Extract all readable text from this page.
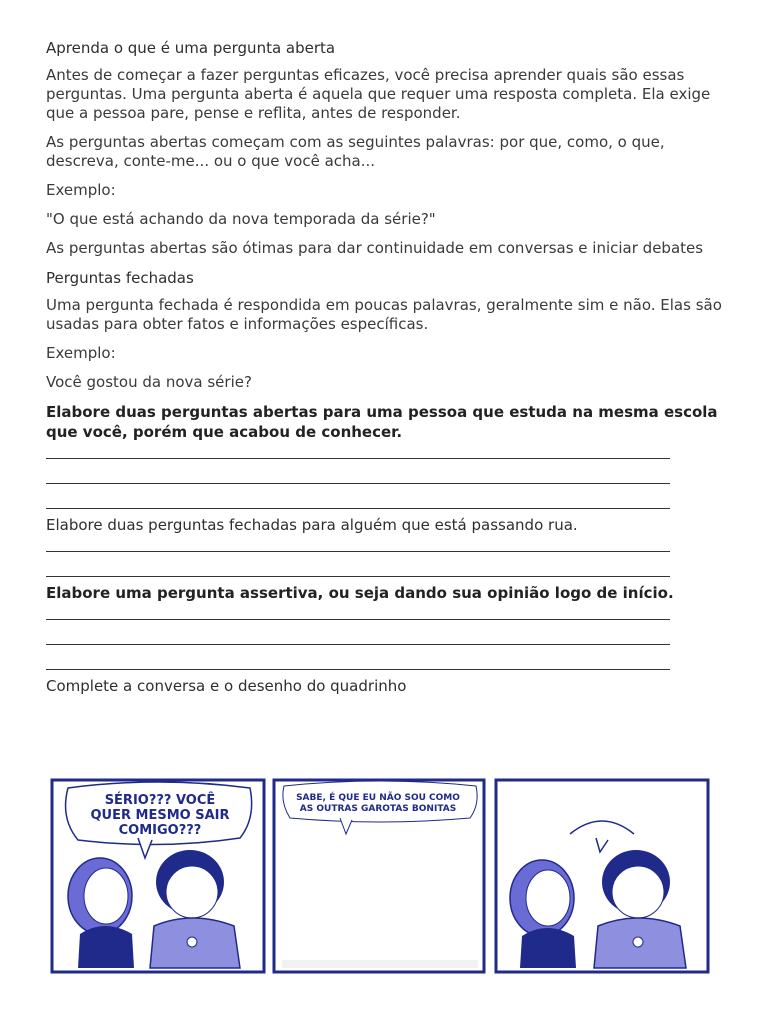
Aprenda o que é uma pergunta aberta
Antes de começar a fazer perguntas eficazes, você precisa aprender quais são essas perguntas. Uma pergunta aberta é aquela que requer uma resposta completa. Ela exige que a pessoa pare, pense e reflita, antes de responder.
As perguntas abertas começam com as seguintes palavras: por que, como, o que, descreva, conte-me... ou o que você acha...
Exemplo:
"O que está achando da nova temporada da série?"
As perguntas abertas são ótimas para dar continuidade em conversas e iniciar debates
Perguntas fechadas
Uma pergunta fechada é respondida em poucas palavras, geralmente sim e não. Elas são usadas para obter fatos e informações específicas.
Exemplo:
Você gostou da nova série?
Elabore duas perguntas abertas para uma pessoa que estuda na mesma escola que você, porém que acabou de conhecer.
Elabore duas perguntas fechadas para alguém que está passando rua.
Elabore uma pergunta assertiva, ou seja dando sua opinião logo de início.
Complete a conversa e o desenho do quadrinho
SÉRIO??? VOCÊ
QUER MESMO SAIR
COMIGO???
SABE, É QUE EU NÃO SOU COMO
AS OUTRAS GAROTAS BONITAS
